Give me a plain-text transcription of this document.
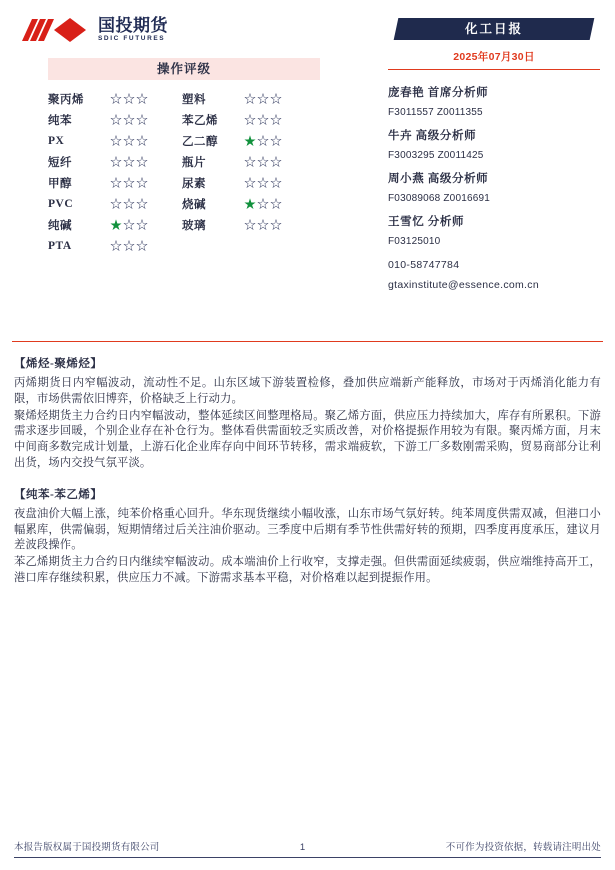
国投期货
SDIC FUTURES
操作评级
聚丙烯	☆☆☆	塑料	☆☆☆
纯苯	☆☆☆	苯乙烯	☆☆☆
PX	☆☆☆	乙二醇	★☆☆
短纤	☆☆☆	瓶片	☆☆☆
甲醇	☆☆☆	尿素	☆☆☆
PVC	☆☆☆	烧碱	★☆☆
纯碱	★☆☆	玻璃	☆☆☆
PTA	☆☆☆
化工日报
2025年07月30日
庞春艳 首席分析师
F3011557 Z0011355
牛卉 高级分析师
F3003295 Z0011425
周小燕 高级分析师
F03089068 Z0016691
王雪忆 分析师
F03125010
010-58747784
gtaxinstitute@essence.com.cn
【烯烃-聚烯烃】

丙烯期货日内窄幅波动，流动性不足。山东区域下游装置检修，叠加供应端新产能释放，市场对于丙烯消化能力有限，市场供需依旧博弈，价格缺乏上行动力。

聚烯烃期货主力合约日内窄幅波动，整体延续区间整理格局。聚乙烯方面，供应压力持续加大，库存有所累积。下游需求逐步回暖，个别企业存在补仓行为。整体看供需面较乏实质改善，对价格提振作用较为有限。聚丙烯方面，月末中间商多数完成计划量，上游石化企业库存向中间环节转移，需求端疲软，下游工厂多数刚需采购，贸易商部分让利出货，场内交投气氛平淡。

【纯苯-苯乙烯】

夜盘油价大幅上涨，纯苯价格重心回升。华东现货继续小幅收涨，山东市场气氛好转。纯苯周度供需双减，但港口小幅累库，供需偏弱，短期情绪过后关注油价驱动。三季度中后期有季节性供需好转的预期，四季度再度承压，建议月差波段操作。

苯乙烯期货主力合约日内继续窄幅波动。成本端油价上行收窄，支撑走强。但供需面延续疲弱，供应端维持高开工，港口库存继续积累，供应压力不减。下游需求基本平稳，对价格难以起到提振作用。

本报告版权属于国投期货有限公司	1	不可作为投资依据，转载请注明出处
